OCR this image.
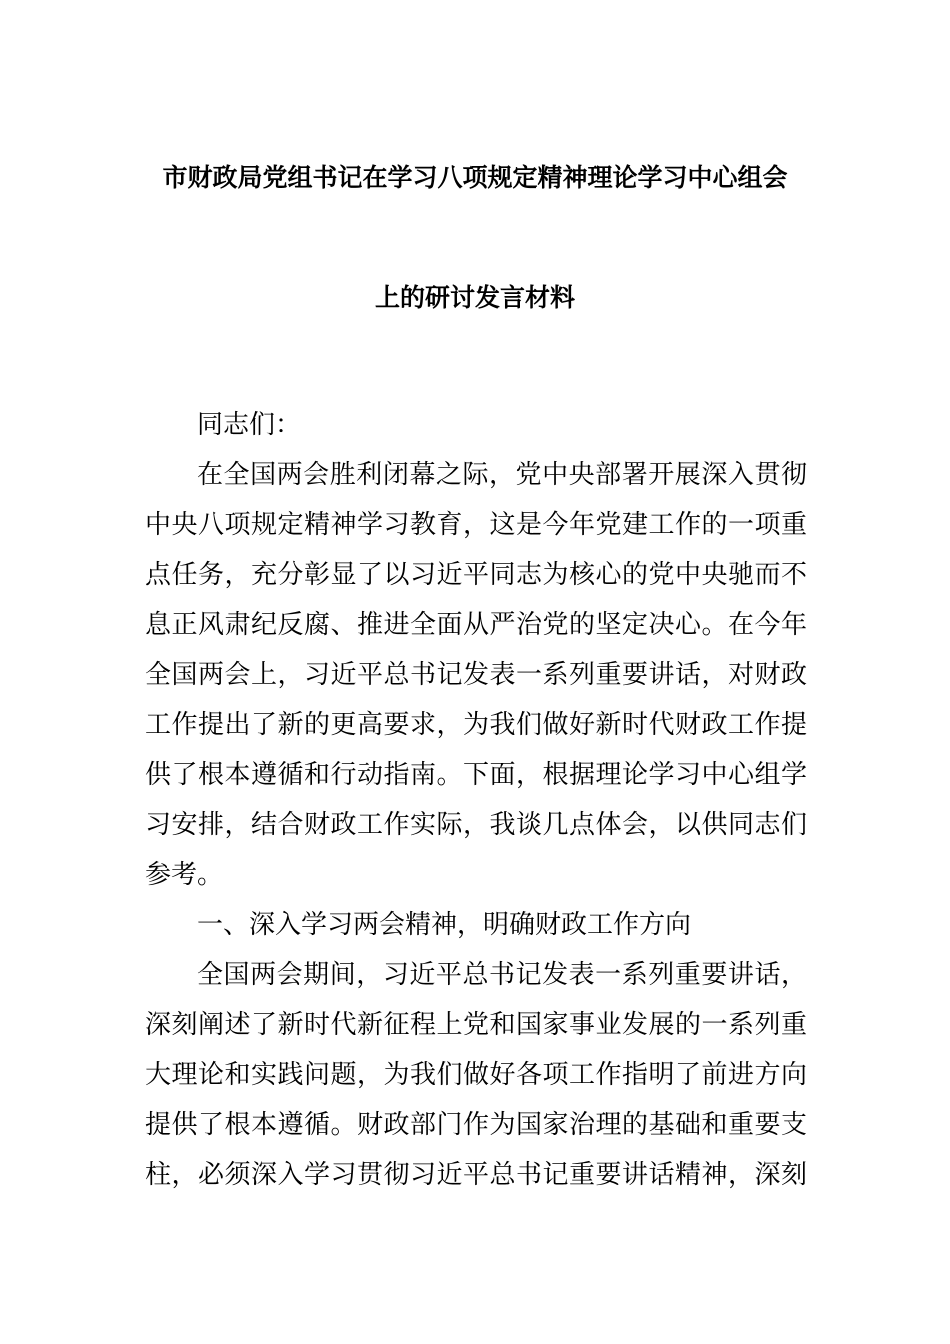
市财政局党组书记在学习八项规定精神理论学习中心组会
上的研讨发言材料
同志们：
在全国两会胜利闭幕之际，党中央部署开展深入贯彻
中央八项规定精神学习教育，这是今年党建工作的一项重
点任务，充分彰显了以习近平同志为核心的党中央驰而不
息正风肃纪反腐、推进全面从严治党的坚定决心。在今年
全国两会上，习近平总书记发表一系列重要讲话，对财政
工作提出了新的更高要求，为我们做好新时代财政工作提
供了根本遵循和行动指南。下面，根据理论学习中心组学
习安排，结合财政工作实际，我谈几点体会，以供同志们
参考。
一、深入学习两会精神，明确财政工作方向
全国两会期间，习近平总书记发表一系列重要讲话，
深刻阐述了新时代新征程上党和国家事业发展的一系列重
大理论和实践问题，为我们做好各项工作指明了前进方向
提供了根本遵循。财政部门作为国家治理的基础和重要支
柱，必须深入学习贯彻习近平总书记重要讲话精神，深刻
